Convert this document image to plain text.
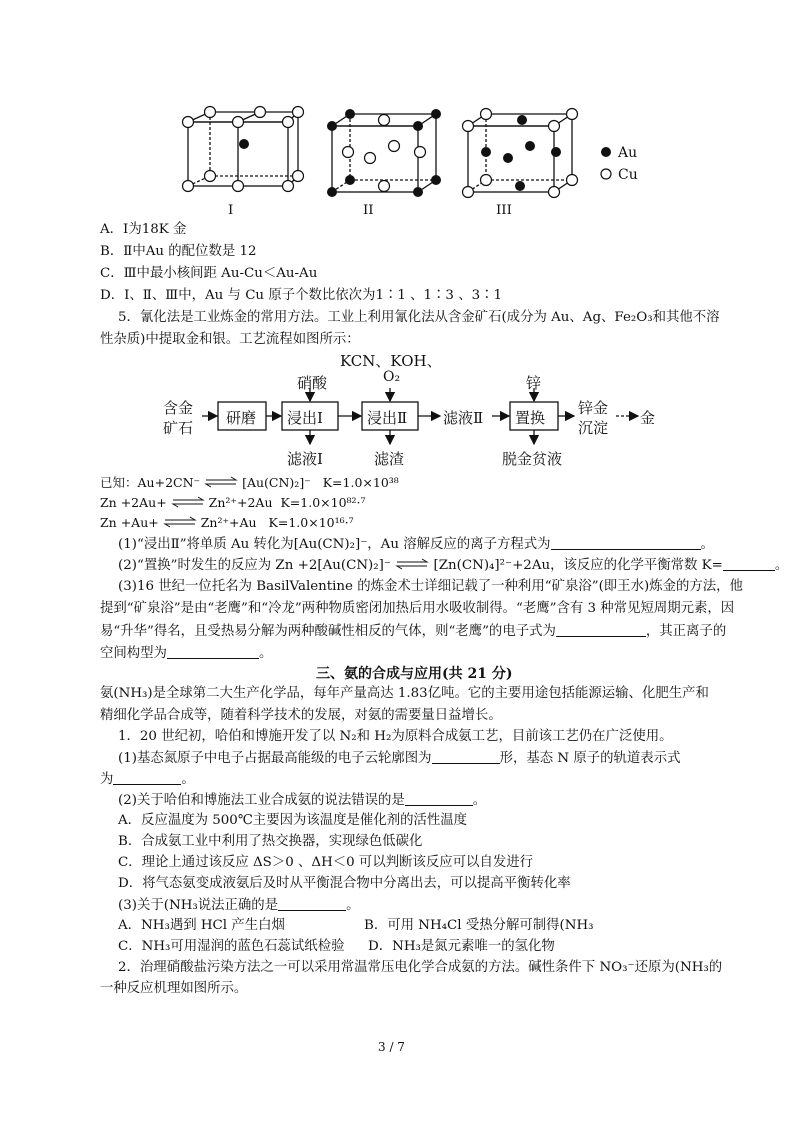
Au
Cu
I	II	III
A．Ⅰ为18K 金
B．Ⅱ中Au 的配位数是 12
C．Ⅲ中最小核间距 Au-Cu＜Au-Au
D．Ⅰ、Ⅱ、Ⅲ中，Au 与 Cu 原子个数比依次为1∶1 、1∶3 、3∶1
5．氰化法是工业炼金的常用方法。工业上利用氰化法从含金矿石(成分为 Au、Ag、Fe₂O₃和其他不溶
性杂质)中提取金和银。工艺流程如图所示：
含金
矿石
研磨
硝酸
浸出Ⅰ
滤液Ⅰ
KCN、KOH、
O₂
浸出Ⅱ
滤渣
滤液Ⅱ
锌
置换
脱金贫液
锌金
沉淀
金
已知：Au+2CN⁻ ⇌ [Au(CN)₂]⁻ K=1.0×10³⁸
Zn +2Au+ ⇌ Zn²⁺+2Au K=1.0×10⁸²·⁷
Zn +Au+ ⇌ Zn²⁺+Au K=1.0×10¹⁶·⁷
(1)“浸出Ⅱ”将单质 Au 转化为[Au(CN)₂]⁻，Au 溶解反应的离子方程式为	。
(2)“置换”时发生的反应为 Zn +2[Au(CN)₂]⁻ ⇌ [Zn(CN)₄]²⁻+2Au，该反应的化学平衡常数 K=	。
(3)16 世纪一位托名为 BasilValentine 的炼金术士详细记载了一种利用“矿泉浴”(即王水)炼金的方法，他
提到“矿泉浴”是由“老鹰”和“冷龙”两种物质密闭加热后用水吸收制得。“老鹰”含有 3 种常见短周期元素，因
易“升华”得名，且受热易分解为两种酸碱性相反的气体，则“老鹰”的电子式为	，其正离子的
空间构型为	。
三、氨的合成与应用(共 21 分)
氨(NH₃)是全球第二大生产化学品，每年产量高达 1.83亿吨。它的主要用途包括能源运输、化肥生产和
精细化学品合成等，随着科学技术的发展，对氨的需要量日益增长。
1．20 世纪初，哈伯和博施开发了以 N₂和 H₂为原料合成氨工艺，目前该工艺仍在广泛使用。
(1)基态氮原子中电子占据最高能级的电子云轮廓图为	形，基态 N 原子的轨道表示式
为	。
(2)关于哈伯和博施法工业合成氨的说法错误的是	。
A．反应温度为 500℃主要因为该温度是催化剂的活性温度
B．合成氨工业中利用了热交换器，实现绿色低碳化
C．理论上通过该反应 ΔS＞0 、ΔH＜0 可以判断该反应可以自发进行
D．将气态氨变成液氨后及时从平衡混合物中分离出去，可以提高平衡转化率
(3)关于(NH₃说法正确的是	。
A．NH₃遇到 HCl 产生白烟	B．可用 NH₄Cl 受热分解可制得(NH₃
C．NH₃可用湿润的蓝色石蕊试纸检验 D．NH₃是氮元素唯一的氢化物
2．治理硝酸盐污染方法之一可以采用常温常压电化学合成氨的方法。碱性条件下 NO₃⁻还原为(NH₃的
一种反应机理如图所示。
3 / 7
